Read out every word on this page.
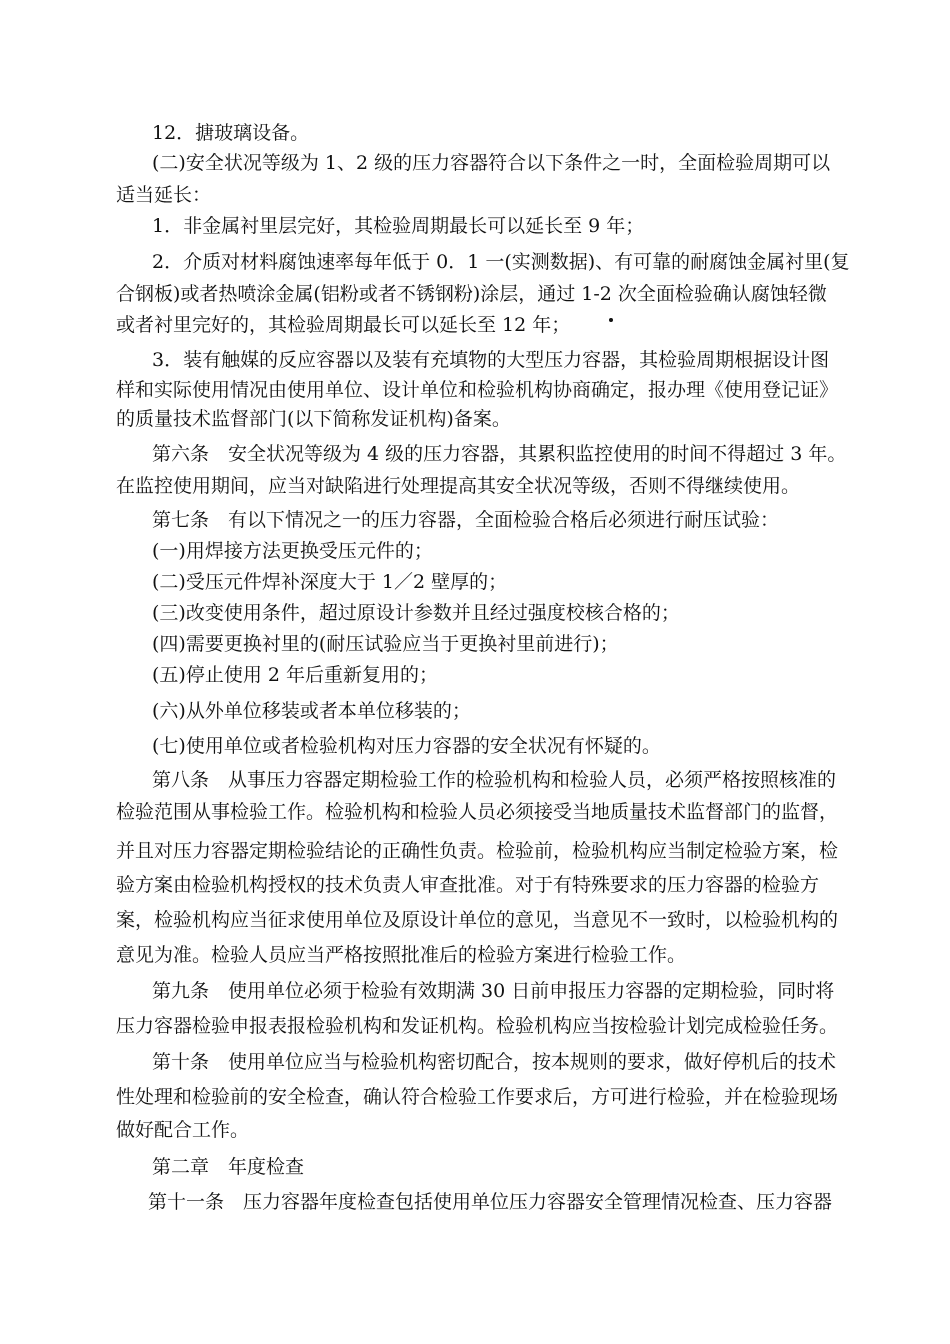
12．搪玻璃设备。
(二)安全状况等级为 1、2 级的压力容器符合以下条件之一时，全面检验周期可以
适当延长：
1．非金属衬里层完好，其检验周期最长可以延长至 9 年；
2．介质对材料腐蚀速率每年低于 0．1 一(实测数据)、有可靠的耐腐蚀金属衬里(复
合钢板)或者热喷涂金属(铝粉或者不锈钢粉)涂层，通过 1-2 次全面检验确认腐蚀轻微
或者衬里完好的，其检验周期最长可以延长至 12 年；
3．装有触媒的反应容器以及装有充填物的大型压力容器，其检验周期根据设计图
样和实际使用情况由使用单位、设计单位和检验机构协商确定，报办理《使用登记证》
的质量技术监督部门(以下简称发证机构)备案。
第六条　安全状况等级为 4 级的压力容器，其累积监控使用的时间不得超过 3 年。
在监控使用期间，应当对缺陷进行处理提高其安全状况等级，否则不得继续使用。
第七条　有以下情况之一的压力容器，全面检验合格后必须进行耐压试验：
(一)用焊接方法更换受压元件的；
(二)受压元件焊补深度大于 1／2 壁厚的；
(三)改变使用条件，超过原设计参数并且经过强度校核合格的；
(四)需要更换衬里的(耐压试验应当于更换衬里前进行)；
(五)停止使用 2 年后重新复用的；
(六)从外单位移装或者本单位移装的；
(七)使用单位或者检验机构对压力容器的安全状况有怀疑的。
第八条　从事压力容器定期检验工作的检验机构和检验人员，必须严格按照核准的
检验范围从事检验工作。检验机构和检验人员必须接受当地质量技术监督部门的监督，
并且对压力容器定期检验结论的正确性负责。检验前，检验机构应当制定检验方案，检
验方案由检验机构授权的技术负责人审查批准。对于有特殊要求的压力容器的检验方
案，检验机构应当征求使用单位及原设计单位的意见，当意见不一致时，以检验机构的
意见为准。检验人员应当严格按照批准后的检验方案进行检验工作。
第九条　使用单位必须于检验有效期满 30 日前申报压力容器的定期检验，同时将
压力容器检验申报表报检验机构和发证机构。检验机构应当按检验计划完成检验任务。
第十条　使用单位应当与检验机构密切配合，按本规则的要求，做好停机后的技术
性处理和检验前的安全检查，确认符合检验工作要求后，方可进行检验，并在检验现场
做好配合工作。
第二章　年度检查
第十一条　压力容器年度检查包括使用单位压力容器安全管理情况检查、压力容器
